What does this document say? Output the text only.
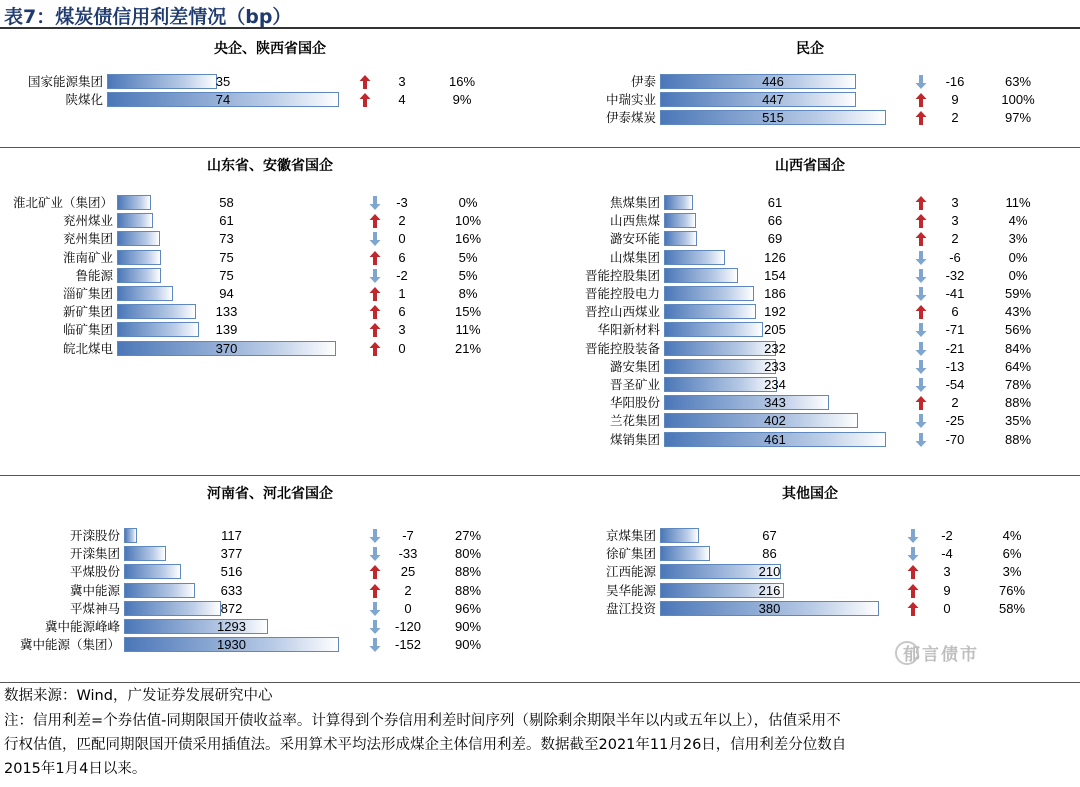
表7：煤炭债信用利差情况（bp）
央企、陕西省国企
国家能源集团	35	3	16%
陕煤化	74	4	9%
民企
伊泰	446	-16	63%
中瑞实业	447	9	100%
伊泰煤炭	515	2	97%
山东省、安徽省国企
淮北矿业（集团）	58	-3	0%
兖州煤业	61	2	10%
兖州集团	73	0	16%
淮南矿业	75	6	5%
鲁能源	75	-2	5%
淄矿集团	94	1	8%
新矿集团	133	6	15%
临矿集团	139	3	11%
皖北煤电	370	0	21%
山西省国企
焦煤集团	61	3	11%
山西焦煤	66	3	4%
潞安环能	69	2	3%
山煤集团	126	-6	0%
晋能控股集团	154	-32	0%
晋能控股电力	186	-41	59%
晋控山西煤业	192	6	43%
华阳新材料	205	-71	56%
晋能控股装备	232	-21	84%
潞安集团	233	-13	64%
晋圣矿业	234	-54	78%
华阳股份	343	2	88%
兰花集团	402	-25	35%
煤销集团	461	-70	88%
河南省、河北省国企
开滦股份	117	-7	27%
开滦集团	377	-33	80%
平煤股份	516	25	88%
冀中能源	633	2	88%
平煤神马	872	0	96%
冀中能源峰峰	1293	-120	90%
冀中能源（集团）	1930	-152	90%
其他国企
京煤集团	67	-2	4%
徐矿集团	86	-4	6%
江西能源	210	3	3%
昊华能源	216	9	76%
盘江投资	380	0	58%
数据来源：Wind，广发证券发展研究中心
注：信用利差=个券估值-同期限国开债收益率。计算得到个券信用利差时间序列（剔除剩余期限半年以内或五年以上），估值采用不
行权估值，匹配同期限国开债采用插值法。采用算术平均法形成煤企主体信用利差。数据截至2021年11月26日，信用利差分位数自
2015年1月4日以来。
郁言债市
